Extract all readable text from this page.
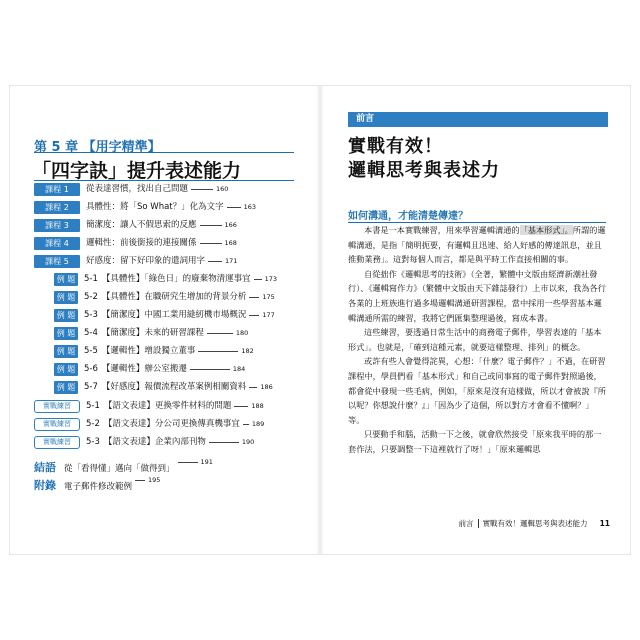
第 5 章 【用字精準】
「四字訣」提升表述能力
課程 1 $^{從表達習慣,找出自己問題}$	$^{160}$
課程 2 $^{具體性:將「So What?」化為文字}$	$^{163}$
課程 3 $^{簡潔度:讓人不假思索的反應}$	$^{166}$
課程 4 $^{邏輯性:前後銜接的連接關係}$	$^{168}$
課程 5 $^{好感度:留下好印象的遣詞用字}$	$^{171}$
例 題 $^{5-1 【具體性】「綠色日」的廢棄物清運事宜}$ $^{173}$
例 題 $^{5-2 【具體性】在職研究生增加的背景分析}$ $^{175}$
例 題 $^{5-3 【簡潔度】中國工業用縫紉機市場概況}$ $^{177}$
例 題 $^{5-4 【簡潔度】未來的研習課程}$	$^{180}$
例 題 $^{5-5 【邏輯性】增設獨立董事}$	$^{182}$
例 題 $^{5-6 【邏輯性】辦公室搬遷}$	$^{184}$
例 題 $^{5-7 【好感度】報價流程改革案例相關資料}$ $^{186}$
實戰練習 $^{5-1 【語文表達】更換零件材料的問題}$	$^{188}$
實戰練習 $^{5-2 【語文表達】分公司更換傳真機事宜}$ $^{189}$
實戰練習 $^{5-3 【語文表達】企業內部刊物}$	$^{190}$
結語 從「看得懂」邁向「做得到」$^{191}$
附錄 電子郵件修改範例$^{195}$
前言
實戰有效！
邏輯思考與表述力
如何溝通，才能清楚傳達？

本書是一本實戰練習，用來學習邏輯溝通的「基本形式」。所謂的邏輯溝通，是指「簡明扼要，有邏輯且迅速、給人好感的傳達訊息，並且推動業務」。這對每個人而言，都是與平時工作直接相關的事。

自從拙作《邏輯思考的技術》（全著，繁體中文版由經濟新潮社發行）、《邏輯寫作力》（繁體中文版由天下雜誌發行）上市以來，我為各行各業的上班族進行過多場邏輯溝通研習課程，當中採用一些學習基本邏輯溝通所需的練習，我將它們匯集整理過後，寫成本書。

這些練習，要透過日常生活中的商務電子郵件，學習表達的「基本形式」。也就是，「確到這種元素，就要這樣整理、排列」的概念。

或許有些人會覺得詫異，心想：「什麼？電子郵件？」不過，在研習課程中，學員們看「基本形式」和自己或同事寫的電子郵件對照過後，都會從中發現一些毛病，例如，「原來是沒有這樣做，所以才會被說『所以呢？你想說什麼？』」「因為少了這個，所以對方才會看不懂啊？」等。

只要動手和腦，活動一下之後，就會欣然接受「原來我平時的那一套作法，只要調整一下這裡就行了呀！」「原來邏輯思

前言 實戰有效！邏輯思考與表述能力 11
